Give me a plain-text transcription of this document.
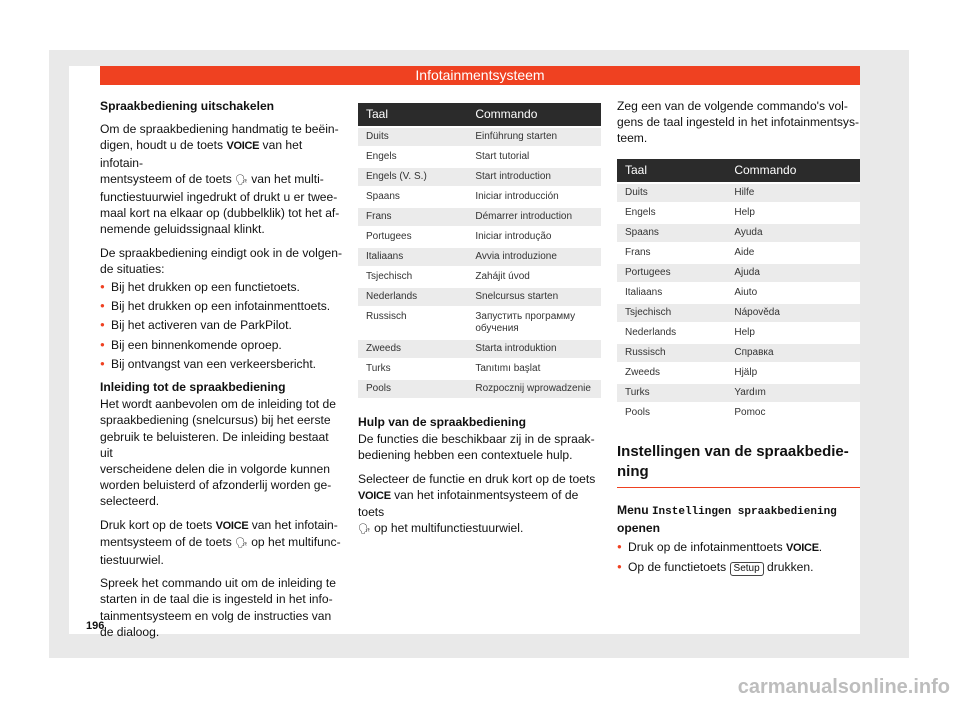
Infotainmentsysteem

Spraakbediening uitschakelen

Om de spraakbediening handmatig te beëin-
digen, houdt u de toets VOICE van het infotain-
mentsysteem of de toets 🗣︎ van het multi-
functiestuurwiel ingedrukt of drukt u er twee-
maal kort na elkaar op (dubbelklik) tot het af-
nemende geluidssignaal klinkt.

De spraakbediening eindigt ook in de volgen-
de situaties:

● Bij het drukken op een functietoets.
● Bij het drukken op een infotainmenttoets.
● Bij het activeren van de ParkPilot.
● Bij een binnenkomende oproep.
● Bij ontvangst van een verkeersbericht.

Inleiding tot de spraakbediening

Het wordt aanbevolen om de inleiding tot de
spraakbediening (snelcursus) bij het eerste
gebruik te beluisteren. De inleiding bestaat uit
verscheidene delen die in volgorde kunnen
worden beluisterd of afzonderlij worden ge-
selecteerd.

Druk kort op de toets VOICE van het infotain-
mentsysteem of de toets 🗣︎ op het multifunc-
tiestuurwiel.

Spreek het commando uit om de inleiding te
starten in de taal die is ingesteld in het info-
tainmentsysteem en volg de instructies van
de dialoog.

Taal	Commando
Duits	Einführung starten
Engels	Start tutorial
Engels (V. S.)	Start introduction
Spaans	Iniciar introducción
Frans	Démarrer introduction
Portugees	Iniciar introdução
Italiaans	Avvia introduzione
Tsjechisch	Zahájit úvod
Nederlands	Snelcursus starten
Russisch	Запустить программу обучения
Zweeds	Starta introduktion
Turks	Tanıtımı başlat
Pools	Rozpocznij wprowadzenie

Hulp van de spraakbediening

De functies die beschikbaar zij in de spraak-
bediening hebben een contextuele hulp.

Selecteer de functie en druk kort op de toets
VOICE van het infotainmentsysteem of de toets
🗣︎ op het multifunctiestuurwiel.

Zeg een van de volgende commando's vol-
gens de taal ingesteld in het infotainmentsys-
teem.

Taal	Commando
Duits	Hilfe
Engels	Help
Spaans	Ayuda
Frans	Aide
Portugees	Ajuda
Italiaans	Aiuto
Tsjechisch	Nápověda
Nederlands	Help
Russisch	Справка
Zweeds	Hjälp
Turks	Yardım
Pools	Pomoc
Instellingen van de spraakbedie-
ning

Menu Instellingen spraakbediening
openen

● Druk op de infotainmenttoets VOICE.
● Op de functietoets Setup drukken.
196
carmanualsonline.info
